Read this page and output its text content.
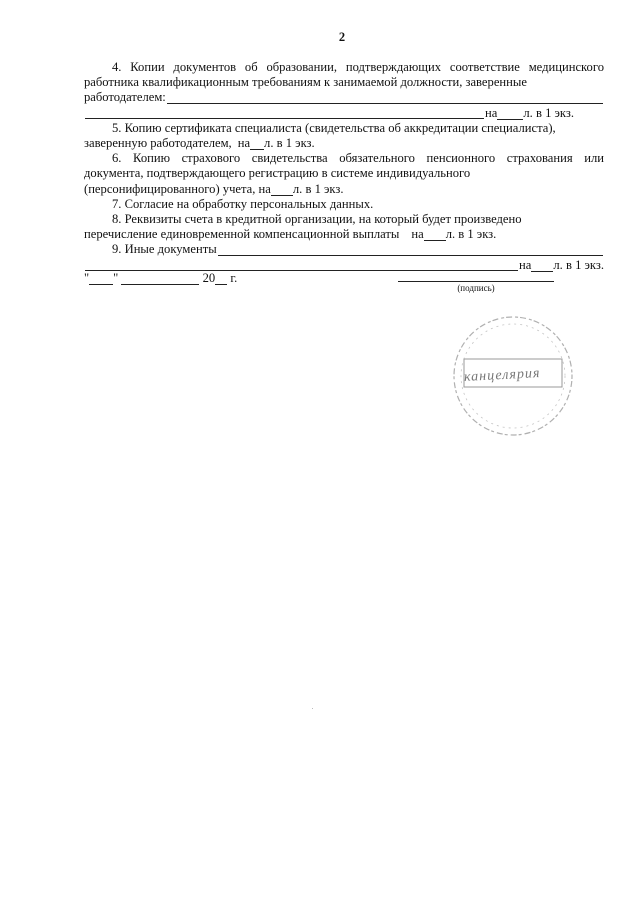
2

4. Копии документов об образовании, подтверждающих соответствие медицинского работника квалификационным требованиям к занимаемой должности, заверенные

работодателем:
на л. в 1 экз.

5. Копию сертификата специалиста (свидетельства об аккредитации специалиста),

заверенную работодателем, на л. в 1 экз.

6. Копию страхового свидетельства обязательного пенсионного страхования или документа, подтверждающего регистрацию в системе индивидуального

(персонифицированного) учета, на л. в 1 экз.

7. Согласие на обработку персональных данных.

8. Реквизиты счета в кредитной организации, на который будет произведено

перечисление единовременной компенсационной выплаты на л. в 1 экз.
9. Иные документы
на л. в 1 экз.
" "	20 г.
(подпись)
канцелярия
